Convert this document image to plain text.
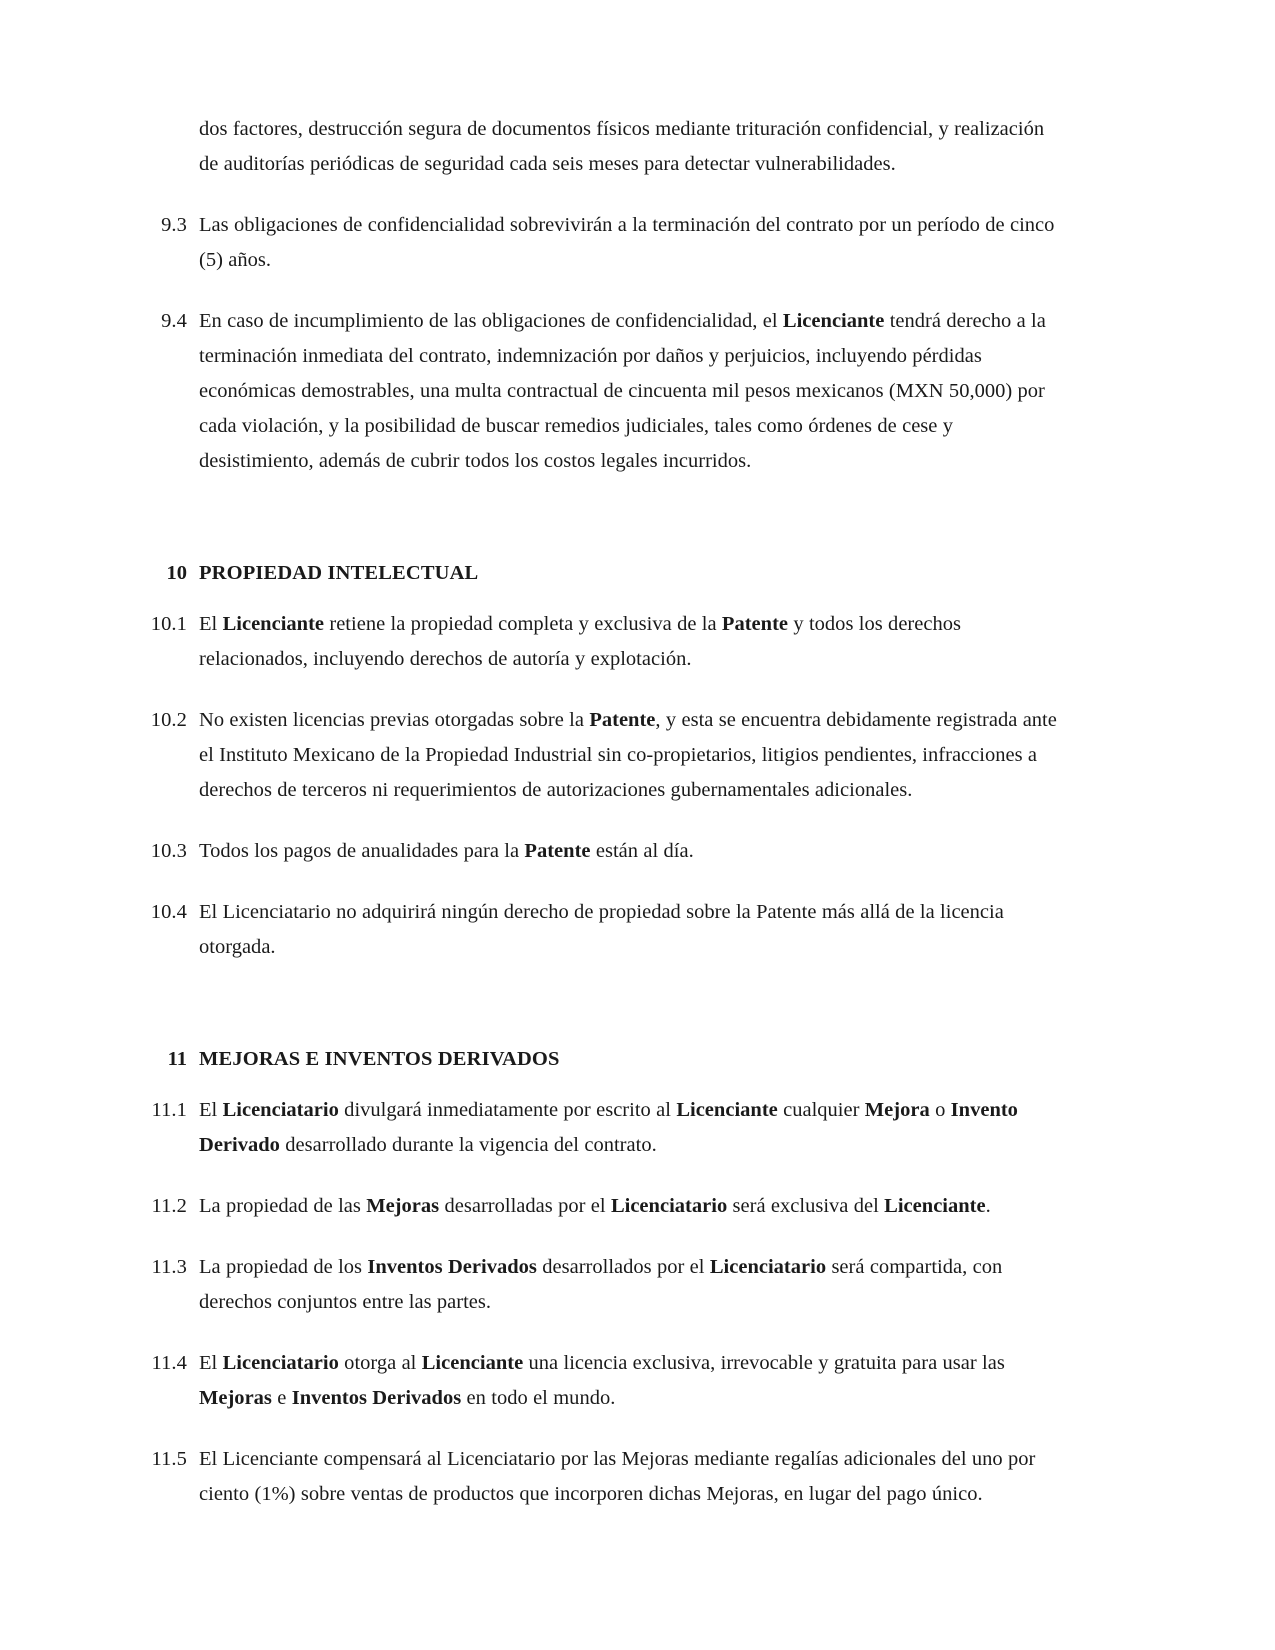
dos factores, destrucción segura de documentos físicos mediante trituración confidencial, y realización de auditorías periódicas de seguridad cada seis meses para detectar vulnerabilidades.
9.3 Las obligaciones de confidencialidad sobrevivirán a la terminación del contrato por un período de cinco (5) años.
9.4 En caso de incumplimiento de las obligaciones de confidencialidad, el Licenciante tendrá derecho a la terminación inmediata del contrato, indemnización por daños y perjuicios, incluyendo pérdidas económicas demostrables, una multa contractual de cincuenta mil pesos mexicanos (MXN 50,000) por cada violación, y la posibilidad de buscar remedios judiciales, tales como órdenes de cese y desistimiento, además de cubrir todos los costos legales incurridos.
10 PROPIEDAD INTELECTUAL
10.1 El Licenciante retiene la propiedad completa y exclusiva de la Patente y todos los derechos relacionados, incluyendo derechos de autoría y explotación.
10.2 No existen licencias previas otorgadas sobre la Patente, y esta se encuentra debidamente registrada ante el Instituto Mexicano de la Propiedad Industrial sin co-propietarios, litigios pendientes, infracciones a derechos de terceros ni requerimientos de autorizaciones gubernamentales adicionales.
10.3 Todos los pagos de anualidades para la Patente están al día.
10.4 El Licenciatario no adquirirá ningún derecho de propiedad sobre la Patente más allá de la licencia otorgada.
11 MEJORAS E INVENTOS DERIVADOS
11.1 El Licenciatario divulgará inmediatamente por escrito al Licenciante cualquier Mejora o Invento Derivado desarrollado durante la vigencia del contrato.
11.2 La propiedad de las Mejoras desarrolladas por el Licenciatario será exclusiva del Licenciante.
11.3 La propiedad de los Inventos Derivados desarrollados por el Licenciatario será compartida, con derechos conjuntos entre las partes.
11.4 El Licenciatario otorga al Licenciante una licencia exclusiva, irrevocable y gratuita para usar las Mejoras e Inventos Derivados en todo el mundo.
11.5 El Licenciante compensará al Licenciatario por las Mejoras mediante regalías adicionales del uno por ciento (1%) sobre ventas de productos que incorporen dichas Mejoras, en lugar del pago único.
